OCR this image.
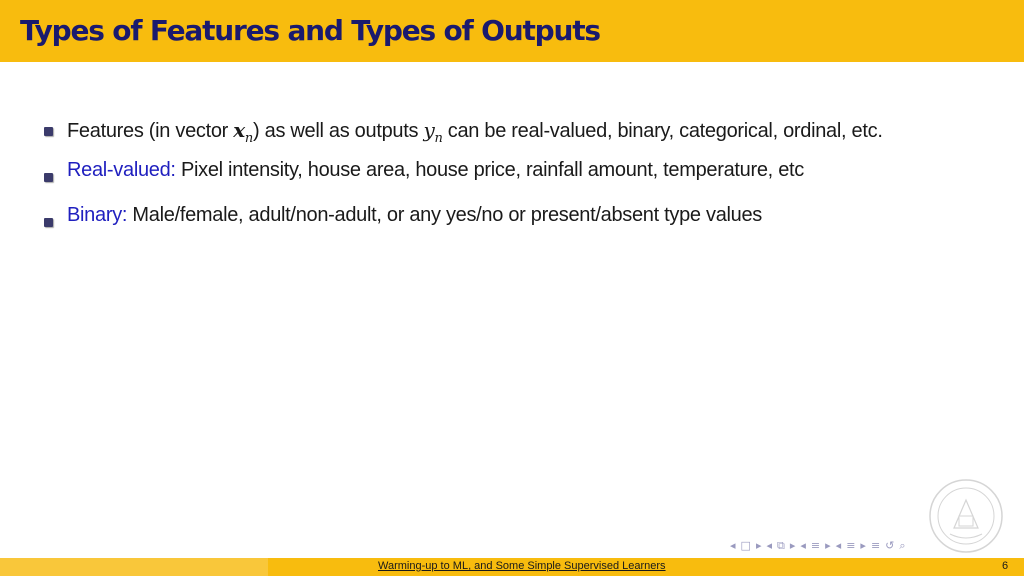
Types of Features and Types of Outputs
Features (in vector $x_n$) as well as outputs $y_n$ can be real-valued, binary, categorical, ordinal, etc.
Real-valued: Pixel intensity, house area, house price, rainfall amount, temperature, etc
Binary: Male/female, adult/non-adult, or any yes/no or present/absent type values
◂□▸◂⧉▸◂≡▸◂≡▸≡↺⌕
Warming-up to ML, and Some Simple Supervised Learners	6
